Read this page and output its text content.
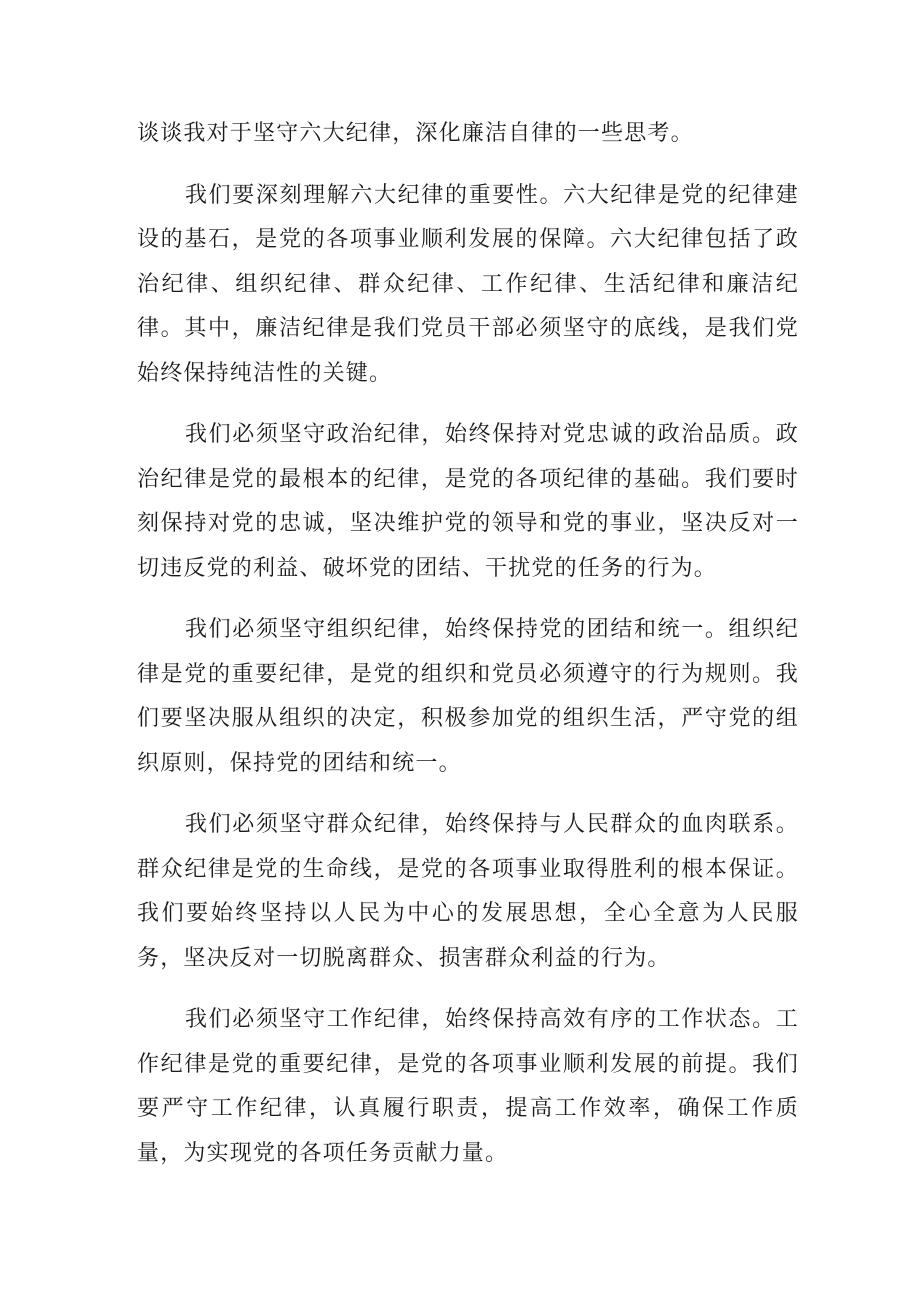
谈谈我对于坚守六大纪律，深化廉洁自律的一些思考。

我们要深刻理解六大纪律的重要性。六大纪律是党的纪律建设的基石，是党的各项事业顺利发展的保障。六大纪律包括了政治纪律、组织纪律、群众纪律、工作纪律、生活纪律和廉洁纪律。其中，廉洁纪律是我们党员干部必须坚守的底线，是我们党始终保持纯洁性的关键。

我们必须坚守政治纪律，始终保持对党忠诚的政治品质。政治纪律是党的最根本的纪律，是党的各项纪律的基础。我们要时刻保持对党的忠诚，坚决维护党的领导和党的事业，坚决反对一切违反党的利益、破坏党的团结、干扰党的任务的行为。

我们必须坚守组织纪律，始终保持党的团结和统一。组织纪律是党的重要纪律，是党的组织和党员必须遵守的行为规则。我们要坚决服从组织的决定，积极参加党的组织生活，严守党的组织原则，保持党的团结和统一。

我们必须坚守群众纪律，始终保持与人民群众的血肉联系。群众纪律是党的生命线，是党的各项事业取得胜利的根本保证。我们要始终坚持以人民为中心的发展思想，全心全意为人民服务，坚决反对一切脱离群众、损害群众利益的行为。

我们必须坚守工作纪律，始终保持高效有序的工作状态。工作纪律是党的重要纪律，是党的各项事业顺利发展的前提。我们要严守工作纪律，认真履行职责，提高工作效率，确保工作质量，为实现党的各项任务贡献力量。
